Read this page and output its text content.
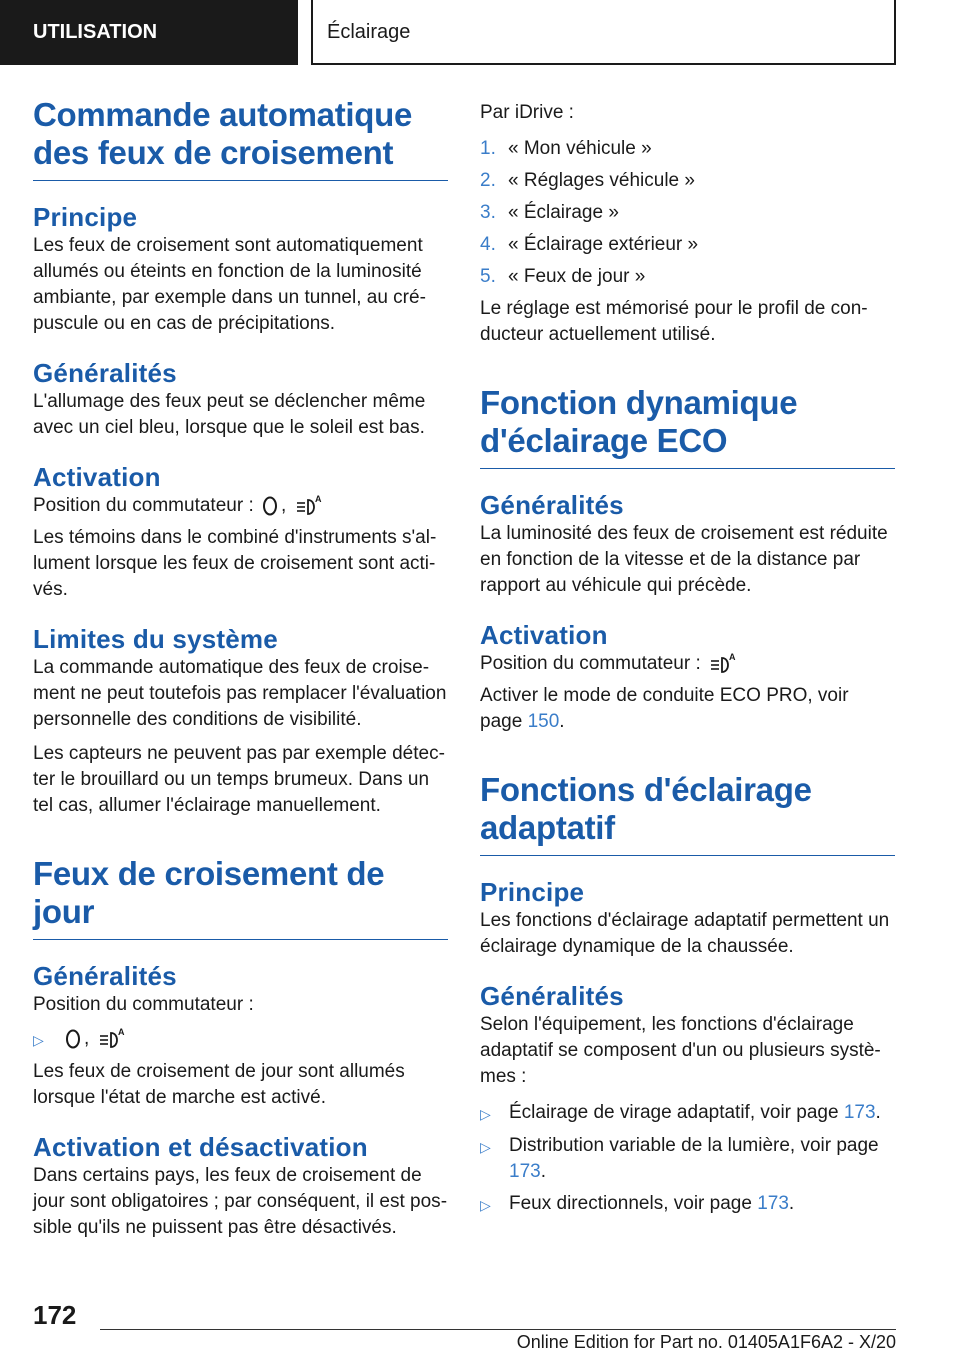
UTILISATION	Éclairage
Commande automatique des feux de croisement
Principe

Les feux de croisement sont automatiquement allumés ou éteints en fonction de la luminosité ambiante, par exemple dans un tunnel, au crépuscule ou en cas de précipitations.

Généralités

L'allumage des feux peut se déclencher même avec un ciel bleu, lorsque que le soleil est bas.

Activation

Position du commutateur : ,	A

Les témoins dans le combiné d'instruments s'allument lorsque les feux de croisement sont activés.

Limites du système

La commande automatique des feux de croisement ne peut toutefois pas remplacer l'évaluation personnelle des conditions de visibilité.

Les capteurs ne peuvent pas par exemple détecter le brouillard ou un temps brumeux. Dans un tel cas, allumer l'éclairage manuellement.

Feux de croisement de jour
Généralités

Position du commutateur :

▷	,	A

Les feux de croisement de jour sont allumés lorsque l'état de marche est activé.

Activation et désactivation

Dans certains pays, les feux de croisement de jour sont obligatoires ; par conséquent, il est possible qu'ils ne puissent pas être désactivés.

Par iDrive :

1. « Mon véhicule »
2. « Réglages véhicule »
3. « Éclairage »
4. « Éclairage extérieur »
5. « Feux de jour »

Le réglage est mémorisé pour le profil de conducteur actuellement utilisé.

Fonction dynamique d'éclairage ECO
Généralités

La luminosité des feux de croisement est réduite en fonction de la vitesse et de la distance par rapport au véhicule qui précède.

Activation

Position du commutateur :	A

Activer le mode de conduite ECO PRO, voir page 150.

Fonctions d'éclairage adaptatif
Principe

Les fonctions d'éclairage adaptatif permettent un éclairage dynamique de la chaussée.

Généralités

Selon l'équipement, les fonctions d'éclairage adaptatif se composent d'un ou plusieurs systèmes :

▷ Éclairage de virage adaptatif, voir page 173.
▷ Distribution variable de la lumière, voir page 173.
▷ Feux directionnels, voir page 173.
172
Online Edition for Part no. 01405A1F6A2 - X/20
